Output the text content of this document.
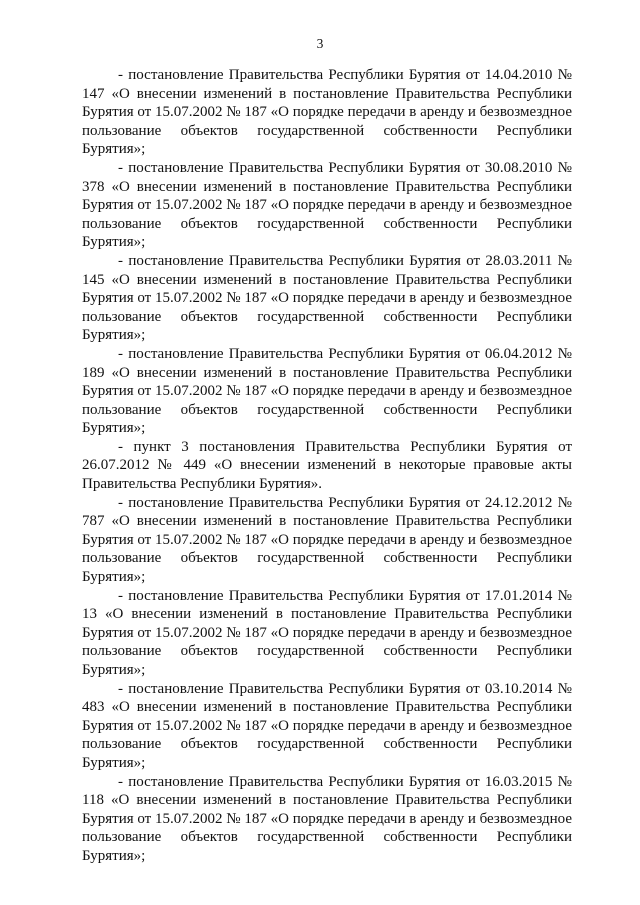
3

- постановление Правительства Республики Бурятия от 14.04.2010 № 147 «О внесении изменений в постановление Правительства Республики Бурятия от 15.07.2002 № 187 «О порядке передачи в аренду и безвозмездное пользование объектов государственной собственности Республики Бурятия»;

- постановление Правительства Республики Бурятия от 30.08.2010 № 378 «О внесении изменений в постановление Правительства Республики Бурятия от 15.07.2002 № 187 «О порядке передачи в аренду и безвозмездное пользование объектов государственной собственности Республики Бурятия»;

- постановление Правительства Республики Бурятия от 28.03.2011 № 145 «О внесении изменений в постановление Правительства Республики Бурятия от 15.07.2002 № 187 «О порядке передачи в аренду и безвозмездное пользование объектов государственной собственности Республики Бурятия»;

- постановление Правительства Республики Бурятия от 06.04.2012 № 189 «О внесении изменений в постановление Правительства Республики Бурятия от 15.07.2002 № 187 «О порядке передачи в аренду и безвозмездное пользование объектов государственной собственности Республики Бурятия»;

- пункт 3 постановления Правительства Республики Бурятия от 26.07.2012 № 449 «О внесении изменений в некоторые правовые акты Правительства Республики Бурятия».

- постановление Правительства Республики Бурятия от 24.12.2012 № 787 «О внесении изменений в постановление Правительства Республики Бурятия от 15.07.2002 № 187 «О порядке передачи в аренду и безвозмездное пользование объектов государственной собственности Республики Бурятия»;

- постановление Правительства Республики Бурятия от 17.01.2014 № 13 «О внесении изменений в постановление Правительства Республики Бурятия от 15.07.2002 № 187 «О порядке передачи в аренду и безвозмездное пользование объектов государственной собственности Республики Бурятия»;

- постановление Правительства Республики Бурятия от 03.10.2014 № 483 «О внесении изменений в постановление Правительства Республики Бурятия от 15.07.2002 № 187 «О порядке передачи в аренду и безвозмездное пользование объектов государственной собственности Республики Бурятия»;

- постановление Правительства Республики Бурятия от 16.03.2015 № 118 «О внесении изменений в постановление Правительства Республики Бурятия от 15.07.2002 № 187 «О порядке передачи в аренду и безвозмездное пользование объектов государственной собственности Республики Бурятия»;
